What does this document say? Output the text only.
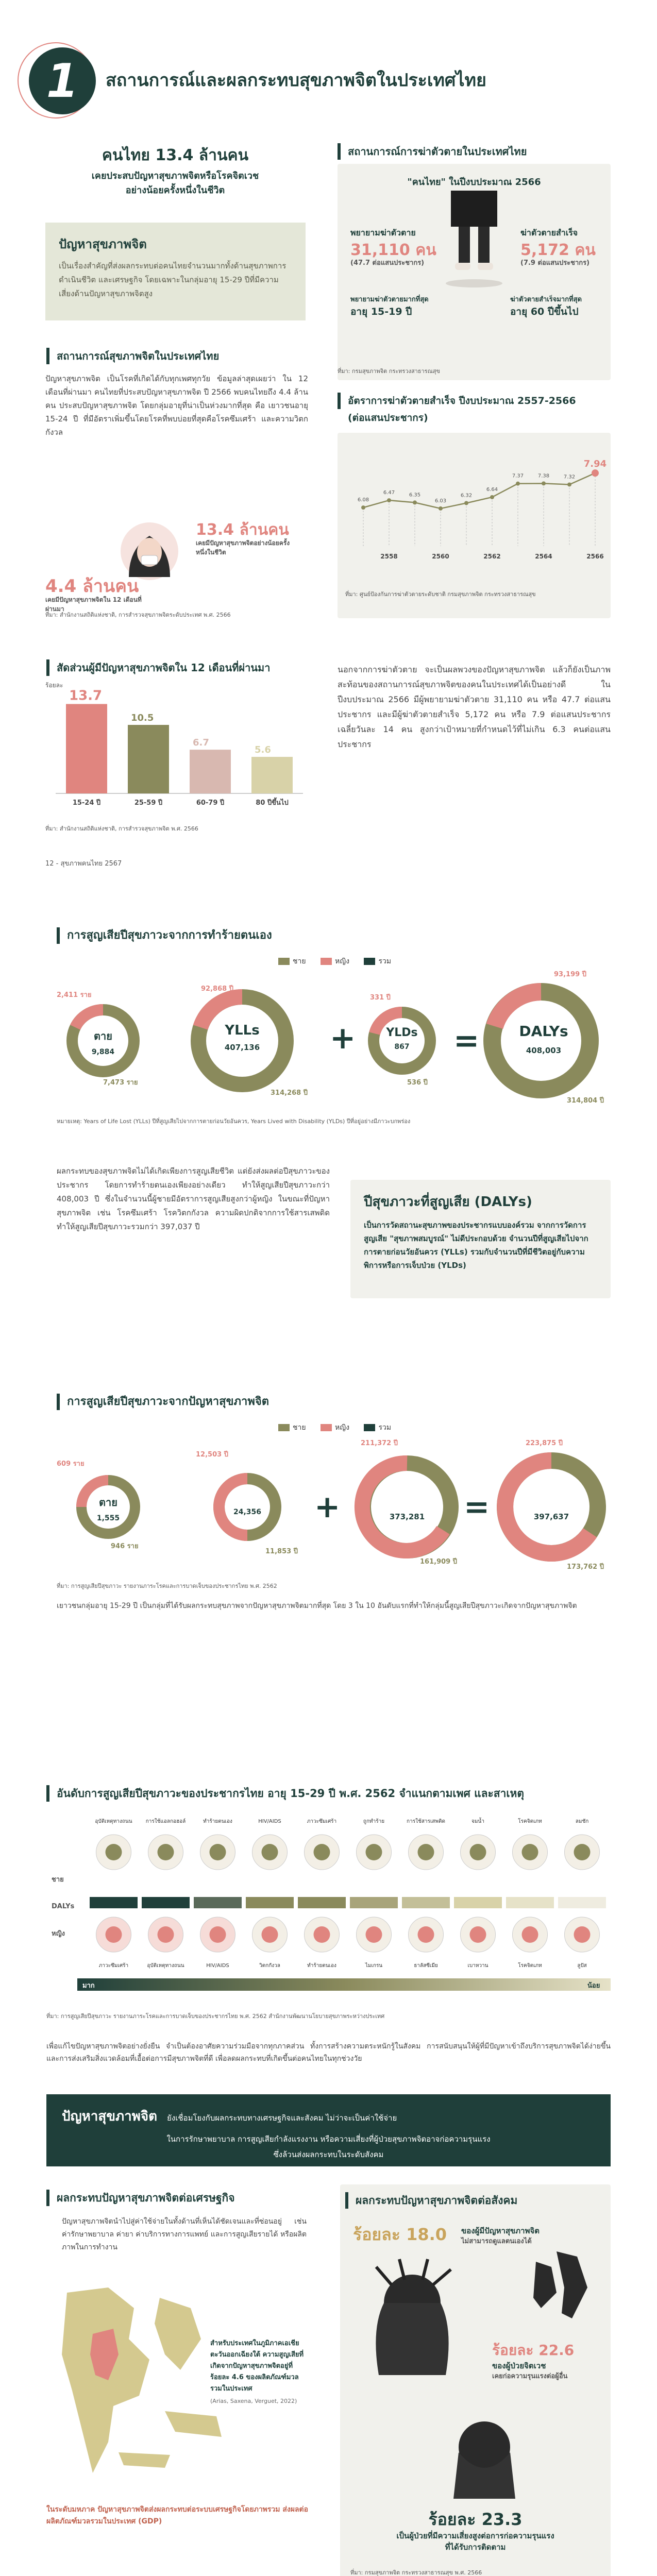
1 สถานการณ์และผลกระทบสุขภาพจิตในประเทศไทย
คนไทย 13.4 ล้านคน
เคยประสบปัญหาสุขภาพจิตหรือโรคจิตเวช
อย่างน้อยครั้งหนึ่งในชีวิต
ปัญหาสุขภาพจิต
เป็นเรื่องสำคัญที่ส่งผลกระทบต่อคนไทยจำนวนมากทั้งด้านสุขภาพการดำเนินชีวิต และเศรษฐกิจ โดยเฉพาะในกลุ่มอายุ 15-29 ปีที่มีความเสี่ยงด้านปัญหาสุขภาพจิตสูง
สถานการณ์สุขภาพจิตในประเทศไทย
ปัญหาสุขภาพจิต เป็นโรคที่เกิดได้กับทุกเพศทุกวัย ข้อมูลล่าสุดเผยว่า ใน 12 เดือนที่ผ่านมา คนไทยที่ประสบปัญหาสุขภาพจิต ปี 2566 พบคนไทยถึง 4.4 ล้านคน ประสบปัญหาสุขภาพจิต โดยกลุ่มอายุที่น่าเป็นห่วงมากที่สุด คือ เยาวชนอายุ 15-24 ปี ที่มีอัตราเพิ่มขึ้นโดยโรคที่พบบ่อยที่สุดคือโรคซึมเศร้า และความวิตกกังวล
13.4 ล้านคน
เคยมีปัญหาสุขภาพจิตอย่างน้อยครั้งหนึ่งในชีวิต
4.4 ล้านคน
เคยมีปัญหาสุขภาพจิตใน 12 เดือนที่ผ่านมา
ที่มา: สำนักงานสถิติแห่งชาติ, การสำรวจสุขภาพจิตระดับประเทศ พ.ศ. 2566
สัดส่วนผู้มีปัญหาสุขภาพจิตใน 12 เดือนที่ผ่านมา
ร้อยละ
13.7
15-24 ปี
10.5
25-59 ปี
6.7
60-79 ปี
5.6
80 ปีขึ้นไป
ที่มา: สำนักงานสถิติแห่งชาติ, การสำรวจสุขภาพจิต พ.ศ. 2566
12 - สุขภาพคนไทย 2567
สถานการณ์การฆ่าตัวตายในประเทศไทย
"คนไทย" ในปีงบประมาณ 2566
พยายามฆ่าตัวตาย
31,110 คน
(47.7 ต่อแสนประชากร)
ฆ่าตัวตายสำเร็จ
5,172 คน
(7.9 ต่อแสนประชากร)
พยายามฆ่าตัวตายมากที่สุด
อายุ 15-19 ปี
ฆ่าตัวตายสำเร็จมากที่สุด
อายุ 60 ปีขึ้นไป
ที่มา: กรมสุขภาพจิต กระทรวงสาธารณสุข
อัตราการฆ่าตัวตายสำเร็จ ปีงบประมาณ 2557-2566
(ต่อแสนประชากร)
6.08
6.47	6.35
6.03
6.32
6.64
7.37	7.38	7.32
7.94
2558	2560	2562	2564	2566
ที่มา: ศูนย์ป้องกันการฆ่าตัวตายระดับชาติ กรมสุขภาพจิต กระทรวงสาธารณสุข
นอกจากการฆ่าตัวตาย จะเป็นผลพวงของปัญหาสุขภาพจิต แล้วก็ยังเป็นภาพสะท้อนของสถานการณ์สุขภาพจิตของคนในประเทศได้เป็นอย่างดี ในปีงบประมาณ 2566 มีผู้พยายามฆ่าตัวตาย 31,110 คน หรือ 47.7 ต่อแสนประชากร และมีผู้ฆ่าตัวตายสำเร็จ 5,172 คน หรือ 7.9 ต่อแสนประชากร เฉลี่ยวันละ 14 คน สูงกว่าเป้าหมายที่กำหนดไว้ที่ไม่เกิน 6.3 คนต่อแสนประชากร
การสูญเสียปีสุขภาวะจากการทำร้ายตนเอง
ชาย	หญิง	รวม
+	=
ตาย
9,884
2,411 ราย
7,473 ราย
YLLs
407,136
92,868 ปี
314,268 ปี
YLDs
867
331 ปี
536 ปี
DALYs
408,003
93,199 ปี
314,804 ปี
หมายเหตุ: Years of Life Lost (YLLs) ปีที่สูญเสียไปจากการตายก่อนวัยอันควร, Years Lived with Disability (YLDs) ปีที่อยู่อย่างมีภาวะบกพร่อง
ผลกระทบของสุขภาพจิตไม่ได้เกิดเพียงการสูญเสียชีวิต แต่ยังส่งผลต่อปีสุขภาวะของประชากร โดยการทำร้ายตนเองเพียงอย่างเดียว ทำให้สูญเสียปีสุขภาวะกว่า 408,003 ปี ซึ่งในจำนวนนี้ผู้ชายมีอัตราการสูญเสียสูงกว่าผู้หญิง ในขณะที่ปัญหาสุขภาพจิต เช่น โรคซึมเศร้า โรควิตกกังวล ความผิดปกติจากการใช้สารเสพติด ทำให้สูญเสียปีสุขภาวะรวมกว่า 397,037 ปี
ปีสุขภาวะที่สูญเสีย (DALYs)
เป็นการวัดสถานะสุขภาพของประชากรแบบองค์รวม จากการวัดการสูญเสีย "สุขภาพสมบูรณ์" ไม่ดีประกอบด้วย จำนวนปีที่สูญเสียไปจากการตายก่อนวัยอันควร (YLLs) รวมกับจำนวนปีที่มีชีวิตอยู่กับความพิการหรือการเจ็บป่วย (YLDs)
การสูญเสียปีสุขภาวะจากปัญหาสุขภาพจิต
ชาย	หญิง	รวม
+	=
ตาย
1,555
609 ราย
946 ราย

24,356
12,503 ปี
11,853 ปี

373,281
211,372 ปี
161,909 ปี

397,637
223,875 ปี
173,762 ปี
ที่มา: การสูญเสียปีสุขภาวะ รายงานภาระโรคและการบาดเจ็บของประชากรไทย พ.ศ. 2562
เยาวชนกลุ่มอายุ 15-29 ปี เป็นกลุ่มที่ได้รับผลกระทบสุขภาพจากปัญหาสุขภาพจิตมากที่สุด โดย 3 ใน 10 อันดับแรกที่ทำให้กลุ่มนี้สูญเสียปีสุขภาวะเกิดจากปัญหาสุขภาพจิต
อันดับการสูญเสียปีสุขภาวะของประชากรไทย อายุ 15-29 ปี พ.ศ. 2562 จำแนกตามเพศ และสาเหตุ
อุบัติเหตุทางถนน
ภาวะซึมเศร้า
การใช้แอลกอฮอล์
อุบัติเหตุทางถนน
ทำร้ายตนเอง
HIV/AIDS
HIV/AIDS
วิตกกังวล
ภาวะซึมเศร้า
ทำร้ายตนเอง
ถูกทำร้าย
ไมเกรน
การใช้สารเสพติด
ธาลัสซีเมีย
จมน้ำ
เบาหวาน
โรคจิตเภท
โรคจิตเภท
ลมชัก
ลูปัส
ชาย
DALYs
หญิง
มาก	น้อย
ที่มา: การสูญเสียปีสุขภาวะ รายงานภาระโรคและการบาดเจ็บของประชากรไทย พ.ศ. 2562 สำนักงานพัฒนานโยบายสุขภาพระหว่างประเทศ
เพื่อแก้ไขปัญหาสุขภาพจิตอย่างยั่งยืน จำเป็นต้องอาศัยความร่วมมือจากทุกภาคส่วน ทั้งการสร้างความตระหนักรู้ในสังคม การสนับสนุนให้ผู้ที่มีปัญหาเข้าถึงบริการสุขภาพจิตได้ง่ายขึ้น และการส่งเสริมสิ่งแวดล้อมที่เอื้อต่อการมีสุขภาพจิตที่ดี เพื่อลดผลกระทบที่เกิดขึ้นต่อคนไทยในทุกช่วงวัย
ปัญหาสุขภาพจิต ยังเชื่อมโยงกับผลกระทบทางเศรษฐกิจและสังคม ไม่ว่าจะเป็นค่าใช้จ่าย
ในการรักษาพยาบาล การสูญเสียกำลังแรงงาน หรือความเสี่ยงที่ผู้ป่วยสุขภาพจิตอาจก่อความรุนแรง
ซึ่งล้วนส่งผลกระทบในระดับสังคม
ผลกระทบปัญหาสุขภาพจิตต่อเศรษฐกิจ
ปัญหาสุขภาพจิตนำไปสู่ค่าใช้จ่ายในทั้งด้านที่เห็นได้ชัดเจนและที่ซ่อนอยู่ เช่น ค่ารักษาพยาบาล ค่ายา ค่าบริการทางการแพทย์ และการสูญเสียรายได้ หรือผลิตภาพในการทำงาน
สำหรับประเทศในภูมิภาคเอเชียตะวันออกเฉียงใต้ ความสูญเสียที่เกิดจากปัญหาสุขภาพจิตอยู่ที่ ร้อยละ 4.6 ของผลิตภัณฑ์มวลรวมในประเทศ
(Arias, Saxena, Verguet, 2022)
ในระดับมหภาค ปัญหาสุขภาพจิตส่งผลกระทบต่อระบบเศรษฐกิจโดยภาพรวม ส่งผลต่อผลิตภัณฑ์มวลรวมในประเทศ (GDP)
ผลกระทบปัญหาสุขภาพจิตต่อสังคม
ร้อยละ 18.0 ของผู้มีปัญหาสุขภาพจิต
ไม่สามารถดูแลตนเองได้
ร้อยละ 22.6
ของผู้ป่วยจิตเวช
เคยก่อความรุนแรงต่อผู้อื่น
ร้อยละ 23.3
เป็นผู้ป่วยที่มีความเสี่ยงสูงต่อการก่อความรุนแรง
ที่ได้รับการติดตาม
ที่มา: กรมสุขภาพจิต กระทรวงสาธารณสุข พ.ศ. 2566
